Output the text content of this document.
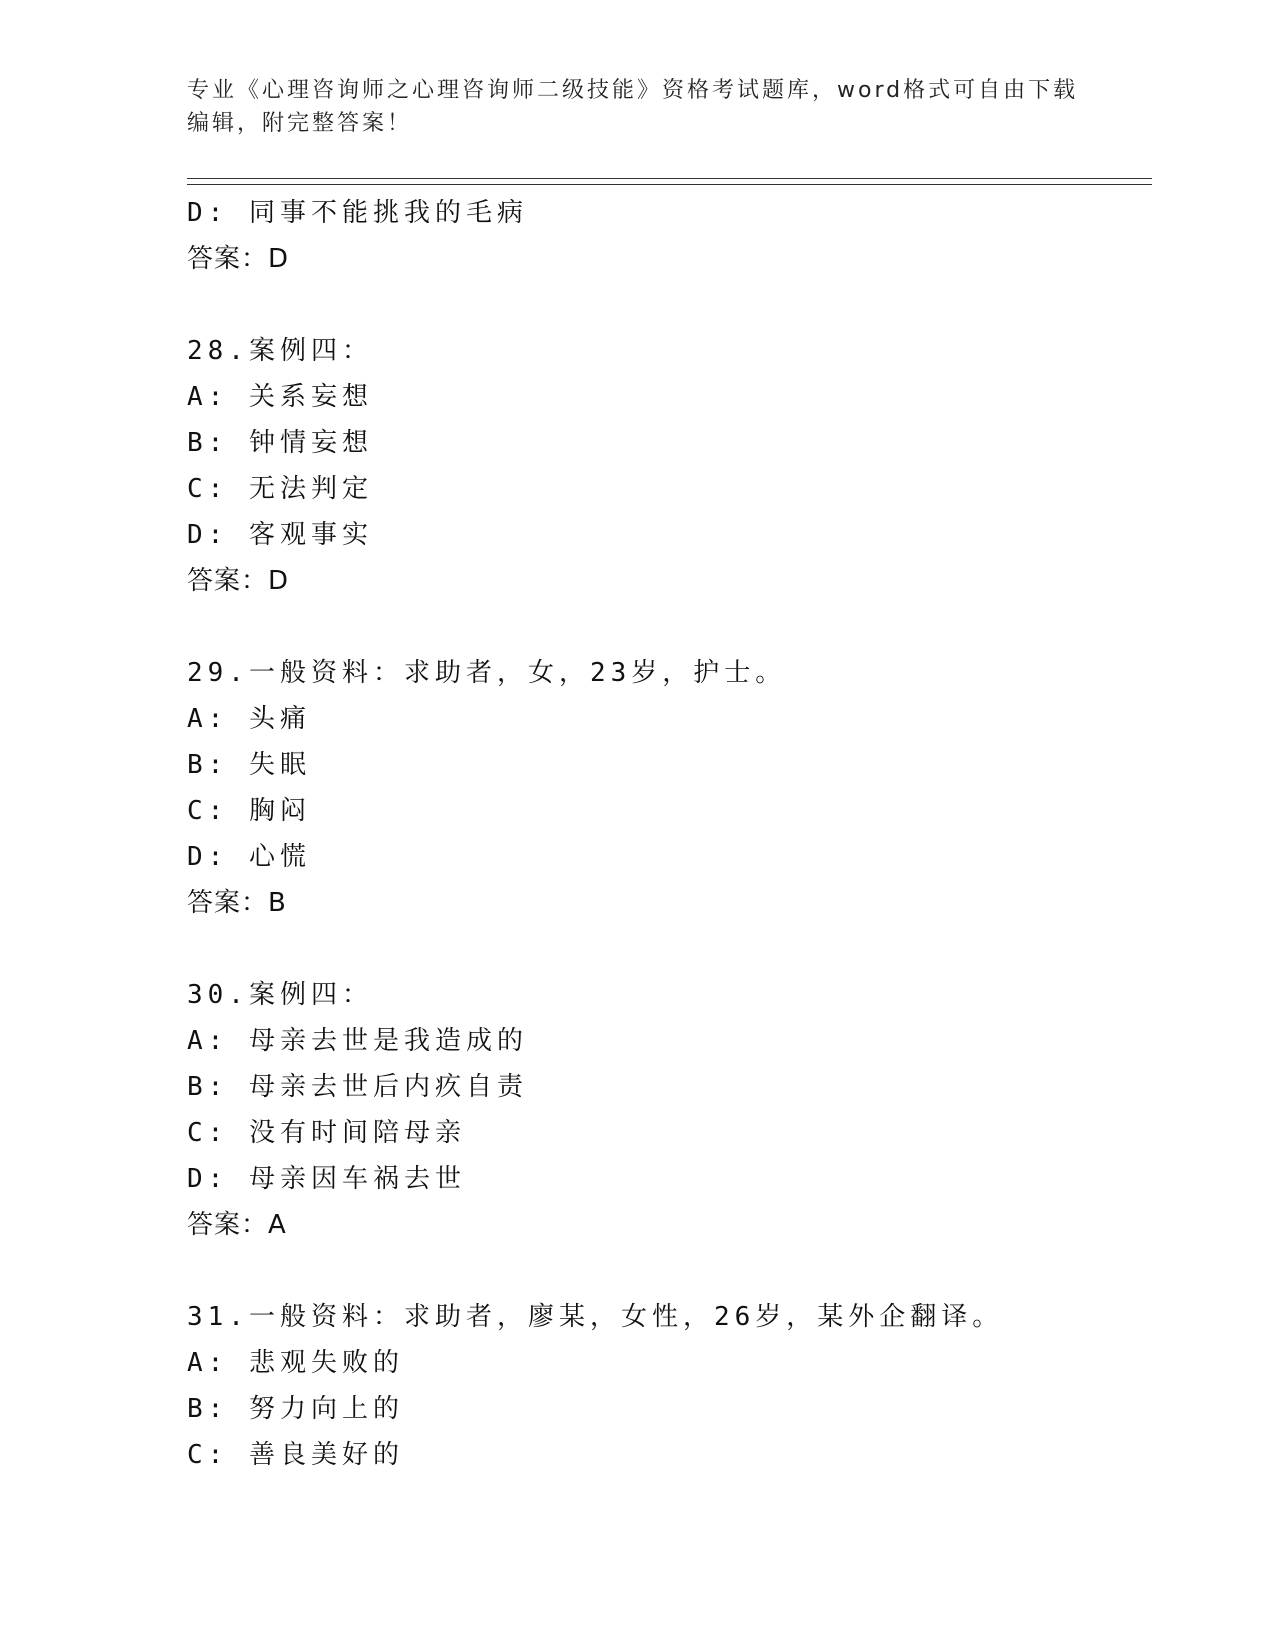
专业《心理咨询师之心理咨询师二级技能》资格考试题库，word格式可自由下载
编辑，附完整答案！
D: 同事不能挑我的毛病
答案：D
28.案例四：
A: 关系妄想
B: 钟情妄想
C: 无法判定
D: 客观事实
答案：D
29.一般资料：求助者，女，23岁，护士。
A: 头痛
B: 失眠
C: 胸闷
D: 心慌
答案：B
30.案例四：
A: 母亲去世是我造成的
B: 母亲去世后内疚自责
C: 没有时间陪母亲
D: 母亲因车祸去世
答案：A
31.一般资料：求助者，廖某，女性，26岁，某外企翻译。
A: 悲观失败的
B: 努力向上的
C: 善良美好的
